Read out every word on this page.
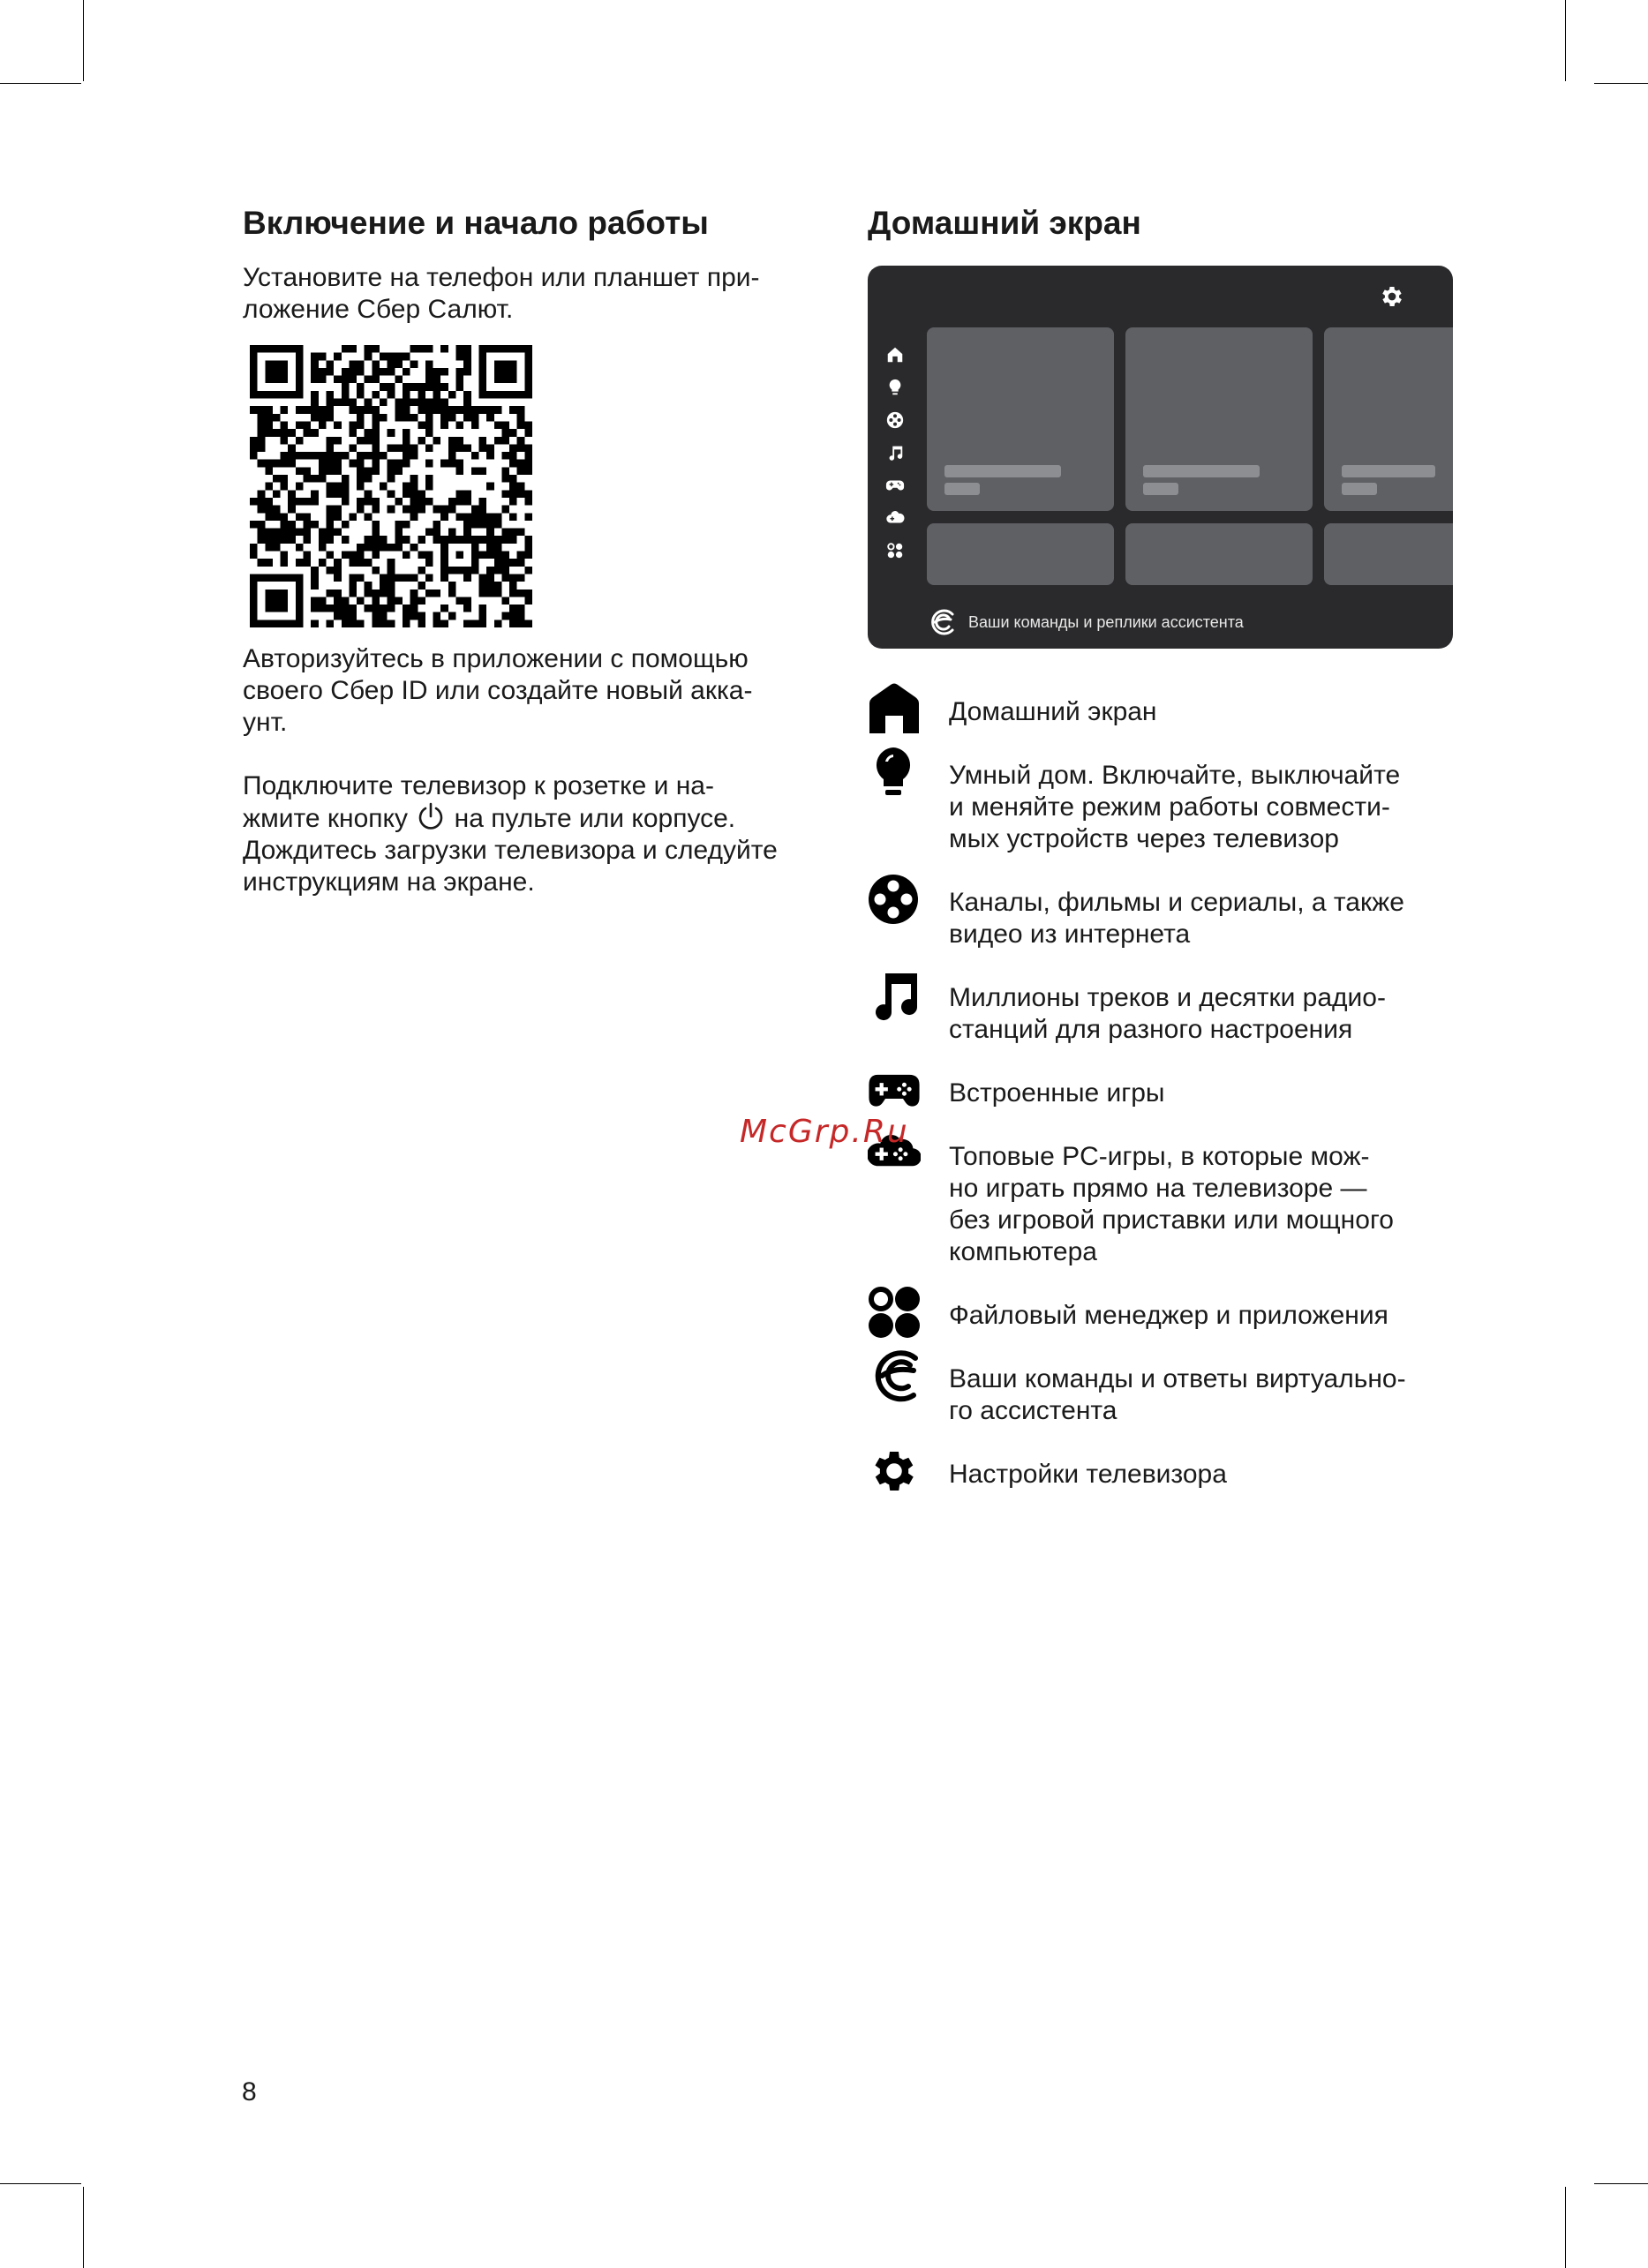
Включение и начало работы

Установите на телефон или планшет при-
ложение Сбер Салют.

Авторизуйтесь в приложении с помощью
своего Сбер ID или создайте новый акка-
унт.

Подключите телевизор к розетке и на-
жмите кнопку  на пульте или корпусе.
Дождитесь загрузки телевизора и следуйте
инструкциям на экране.

Домашний экран
Ваши команды и реплики ассистента
Домашний экран
Умный дом. Включайте, выключайте
и меняйте режим работы совмести-
мых устройств через телевизор
Каналы, фильмы и сериалы, а также
видео из интернета
Миллионы треков и десятки радио-
станций для разного настроения
Встроенные игры
Топовые PC-игры, в которые мож-
но играть прямо на телевизоре —
без игровой приставки или мощного
компьютера
Файловый менеджер и приложения
Ваши команды и ответы виртуально-
го ассистента
Настройки телевизора
8
McGrp.Ru
